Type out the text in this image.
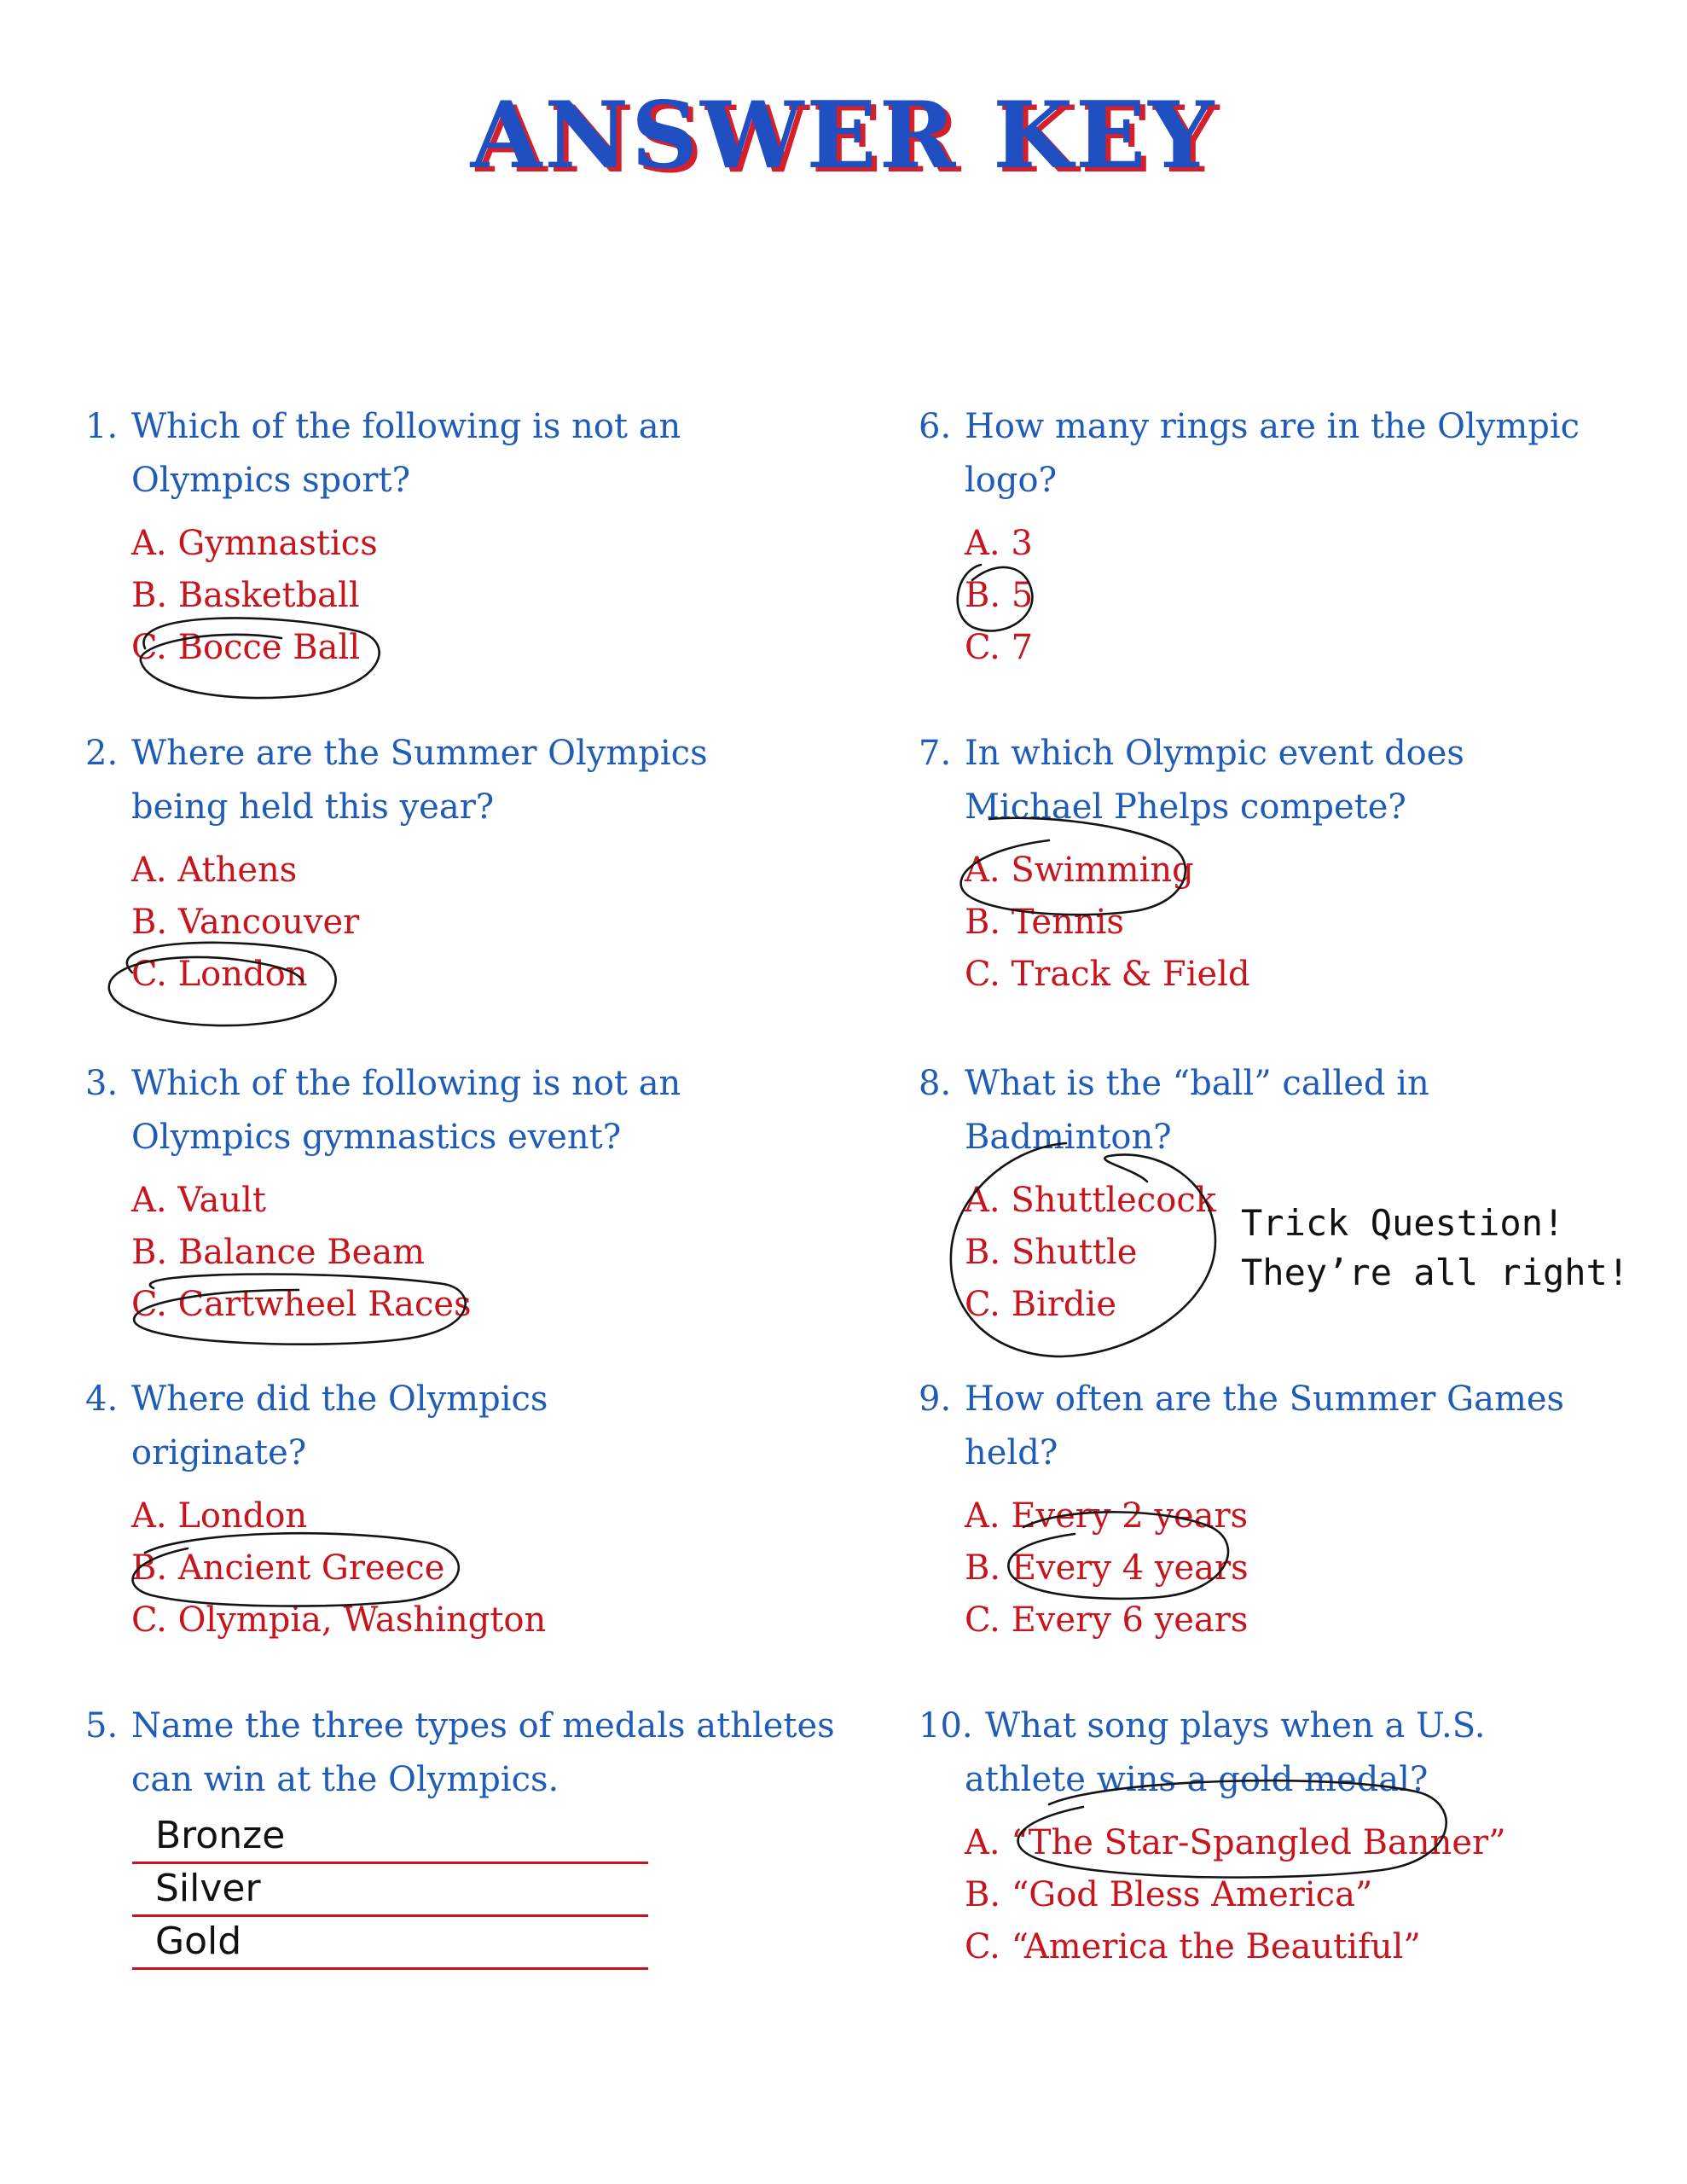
ANSWER KEY
1. Which of the following is not an
Olympics sport?
A. Gymnastics
B. Basketball
C. Bocce Ball
2. Where are the Summer Olympics
being held this year?
A. Athens
B. Vancouver
C. London
3. Which of the following is not an
Olympics gymnastics event?
A. Vault
B. Balance Beam
C. Cartwheel Races
4. Where did the Olympics
originate?
A. London
B. Ancient Greece
C. Olympia, Washington
5. Name the three types of medals athletes
can win at the Olympics.
Bronze
Silver
Gold
6. How many rings are in the Olympic
logo?
A. 3
B. 5
C. 7
7. In which Olympic event does
Michael Phelps compete?
A. Swimming
B. Tennis
C. Track & Field
8. What is the “ball” called in
Badminton?
A. Shuttlecock
B. Shuttle
C. Birdie
Trick Question!
They’re all right!
9. How often are the Summer Games
held?
A. Every 2 years
B. Every 4 years
C. Every 6 years
10. What song plays when a U.S.
athlete wins a gold medal?
A. “The Star-Spangled Banner”
B. “God Bless America”
C. “America the Beautiful”
